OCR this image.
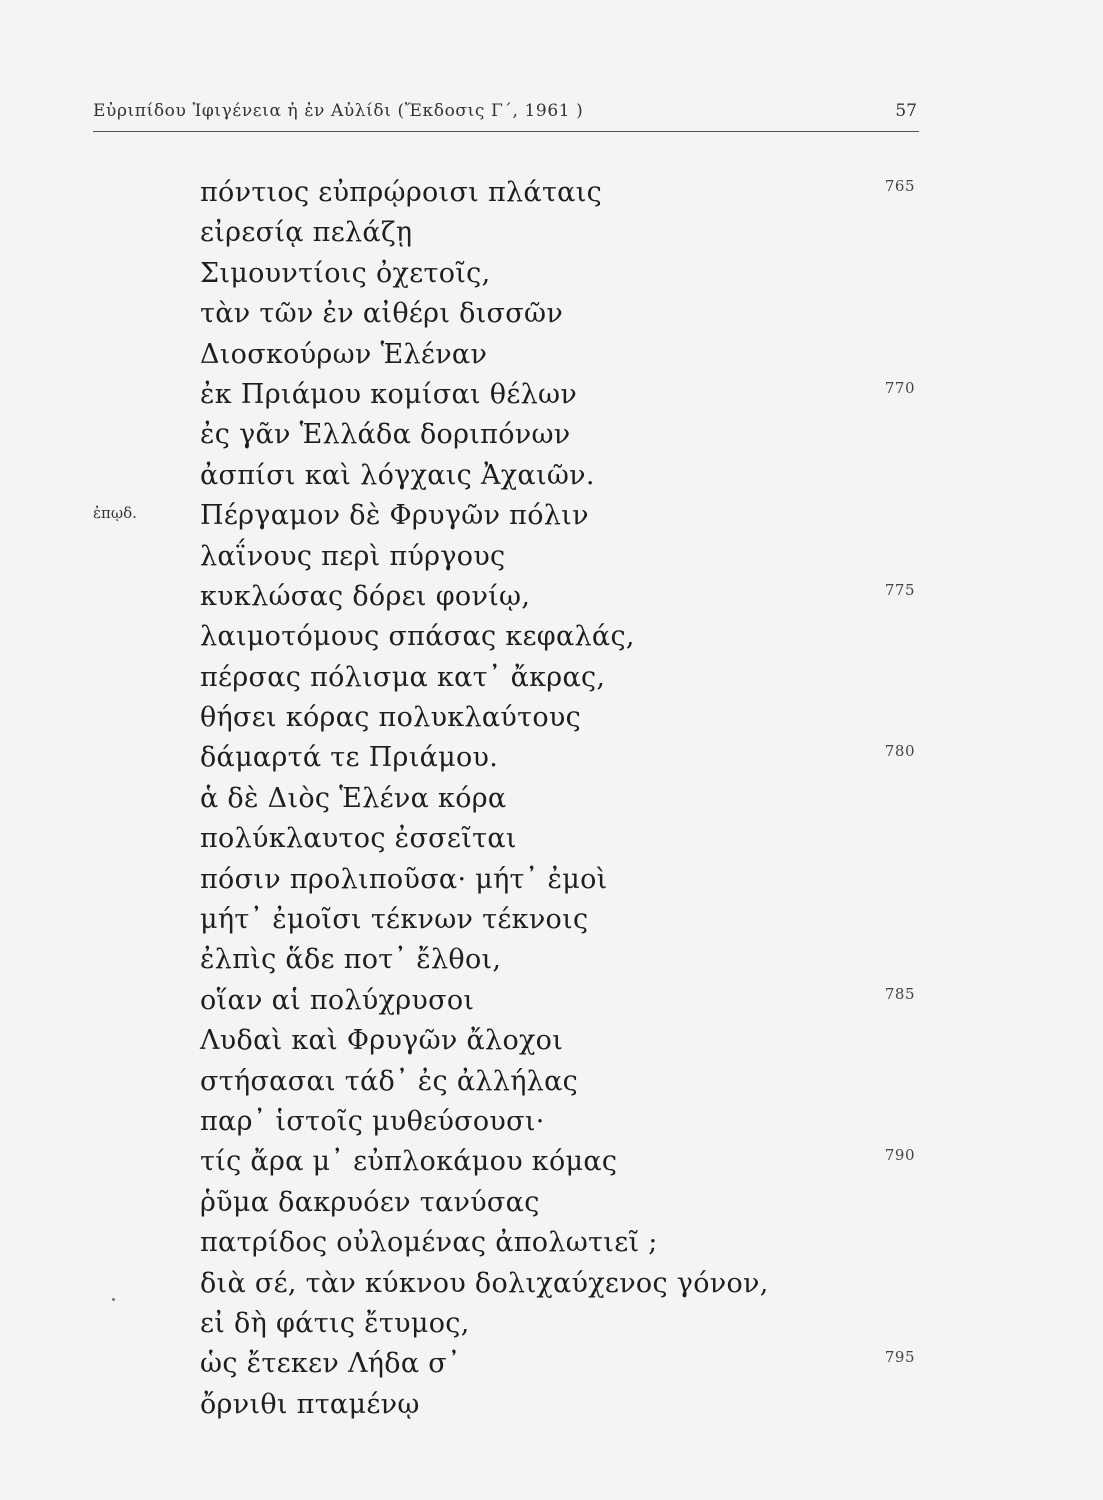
Εὐριπίδου Ἰφιγένεια ἡ ἐν Αὐλίδι (Ἔκδοσις Γ΄, 1961 )	57
πόντιος εὐπρῴροισι πλάταις	765
εἰρεσίᾳ πελάζῃ
Σιμουντίοις ὀχετοῖς,
τὰν τῶν ἐν αἰθέρι δισσῶν
Διοσκούρων Ἑλέναν
ἐκ Πριάμου κομίσαι θέλων	770
ἐς γᾶν Ἑλλάδα δοριπόνων
ἀσπίσι καὶ λόγχαις Ἀχαιῶν.
Πέργαμον δὲ Φρυγῶν πόλιν
ἐπῳδ.
λαΐνους περὶ πύργους
κυκλώσας δόρει φονίῳ,	775
λαιμοτόμους σπάσας κεφαλάς,
πέρσας πόλισμα κατ᾽ ἄκρας,
θήσει κόρας πολυκλαύτους
δάμαρτά τε Πριάμου.	780
ἁ δὲ Διὸς Ἑλένα κόρα
πολύκλαυτος ἐσσεῖται
πόσιν προλιποῦσα· μήτ᾽ ἐμοὶ
μήτ᾽ ἐμοῖσι τέκνων τέκνοις
ἐλπὶς ἅδε ποτ᾽ ἔλθοι,
οἵαν αἱ πολύχρυσοι	785
Λυδαὶ καὶ Φρυγῶν ἄλοχοι
στήσασαι τάδ᾽ ἐς ἀλλήλας
παρ᾽ ἱστοῖς μυθεύσουσι·
τίς ἄρα μ᾽ εὐπλοκάμου κόμας	790
ῥῦμα δακρυόεν τανύσας
πατρίδος οὐλομένας ἀπολωτιεῖ ;
διὰ σέ, τὰν κύκνου δολιχαύχενος γόνον,
εἰ δὴ φάτις ἔτυμος,
ὡς ἔτεκεν Λήδα σ᾽	795
ὄρνιθι πταμένῳ
